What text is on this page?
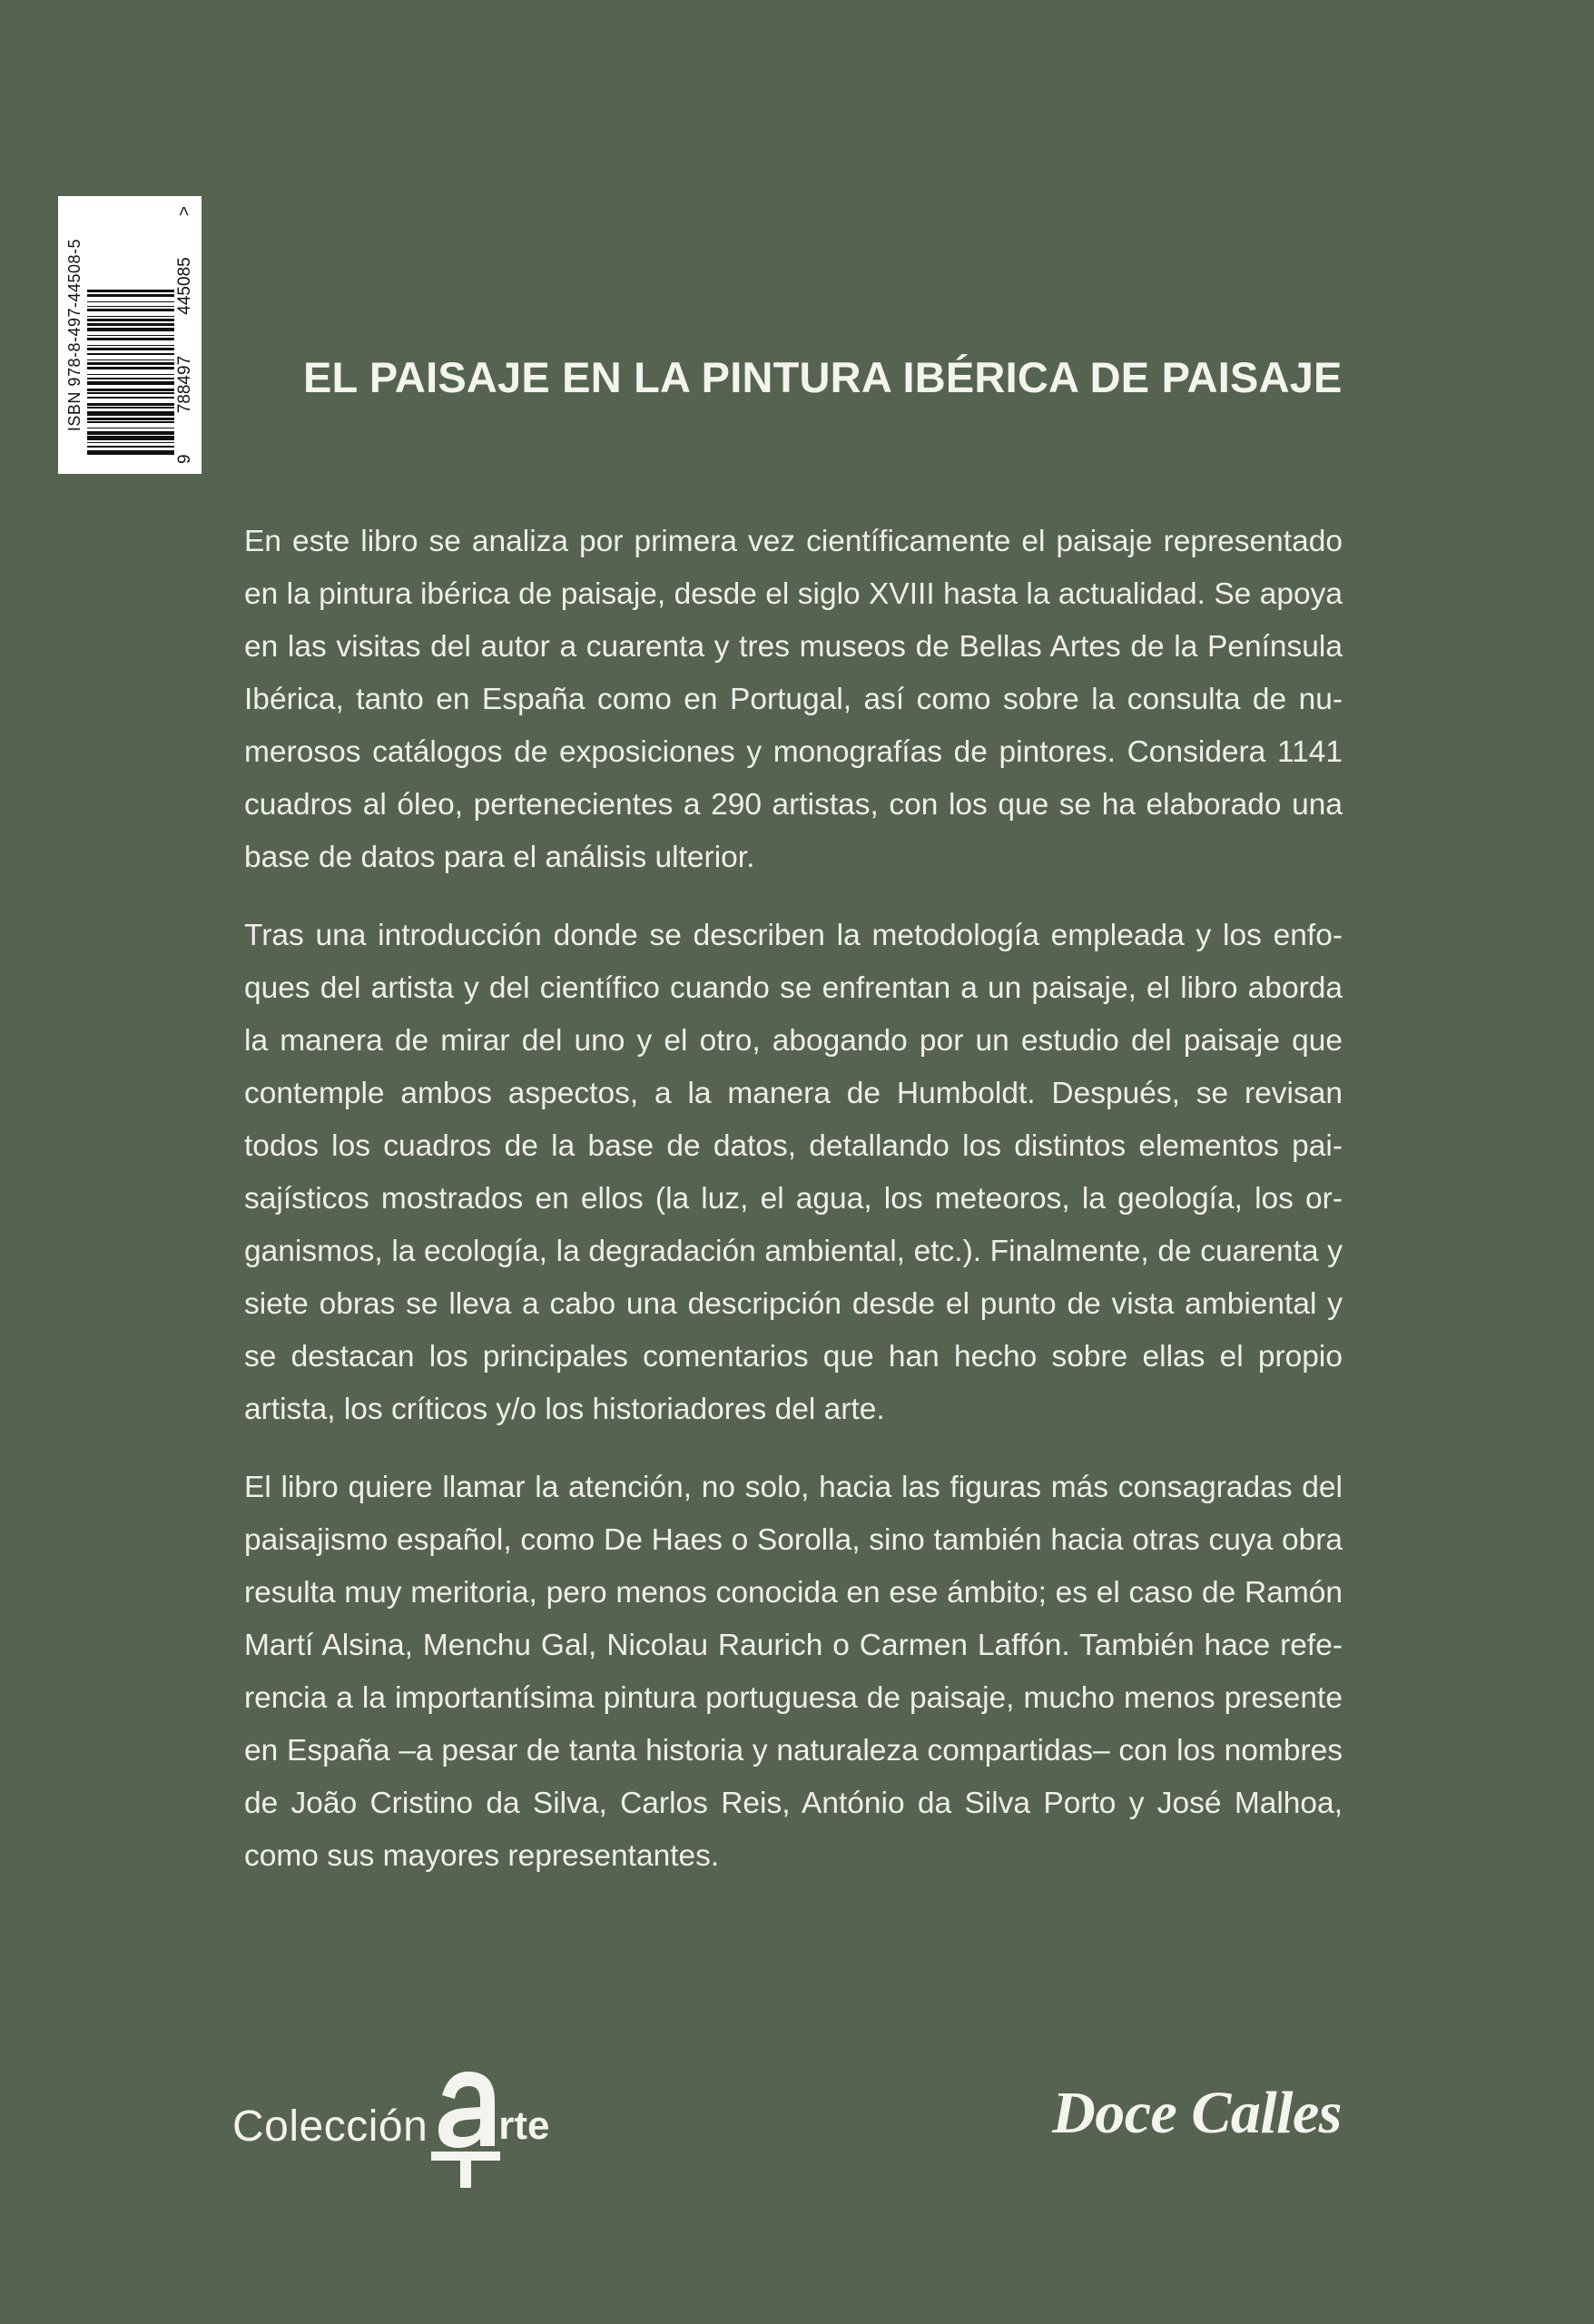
ISBN 978-8-497-44508-5
9
788497
445085
>
EL PAISAJE EN LA PINTURA IBÉRICA DE PAISAJE

En este libro se analiza por primera vez científicamente el paisaje representado en la pintura ibérica de paisaje, desde el siglo XVIII hasta la actualidad. Se apoya en las visitas del autor a cuarenta y tres museos de Bellas Artes de la Península Ibérica, tanto en España como en Portugal, así como sobre la consulta de numerosos catálogos de exposiciones y monografías de pintores. Considera 1141 cuadros al óleo, pertenecientes a 290 artistas, con los que se ha elaborado una base de datos para el análisis ulterior.

Tras una introducción donde se describen la metodología empleada y los enfoques del artista y del científico cuando se enfrentan a un paisaje, el libro aborda la manera de mirar del uno y el otro, abogando por un estudio del paisaje que contemple ambos aspectos, a la manera de Humboldt. Después, se revisan todos los cuadros de la base de datos, detallando los distintos elementos paisajísticos mostrados en ellos (la luz, el agua, los meteoros, la geología, los organismos, la ecología, la degradación ambiental, etc.). Finalmente, de cuarenta y siete obras se lleva a cabo una descripción desde el punto de vista ambiental y se destacan los principales comentarios que han hecho sobre ellas el propio artista, los críticos y/o los historiadores del arte.

El libro quiere llamar la atención, no solo, hacia las figuras más consagradas del paisajismo español, como De Haes o Sorolla, sino también hacia otras cuya obra resulta muy meritoria, pero menos conocida en ese ámbito; es el caso de Ramón Martí Alsina, Menchu Gal, Nicolau Raurich o Carmen Laffón. También hace referencia a la importantísima pintura portuguesa de paisaje, mucho menos presente en España –a pesar de tanta historia y naturaleza compartidas– con los nombres de João Cristino da Silva, Carlos Reis, António da Silva Porto y José Malhoa, como sus mayores representantes.

Colección rte	Doce Calles
